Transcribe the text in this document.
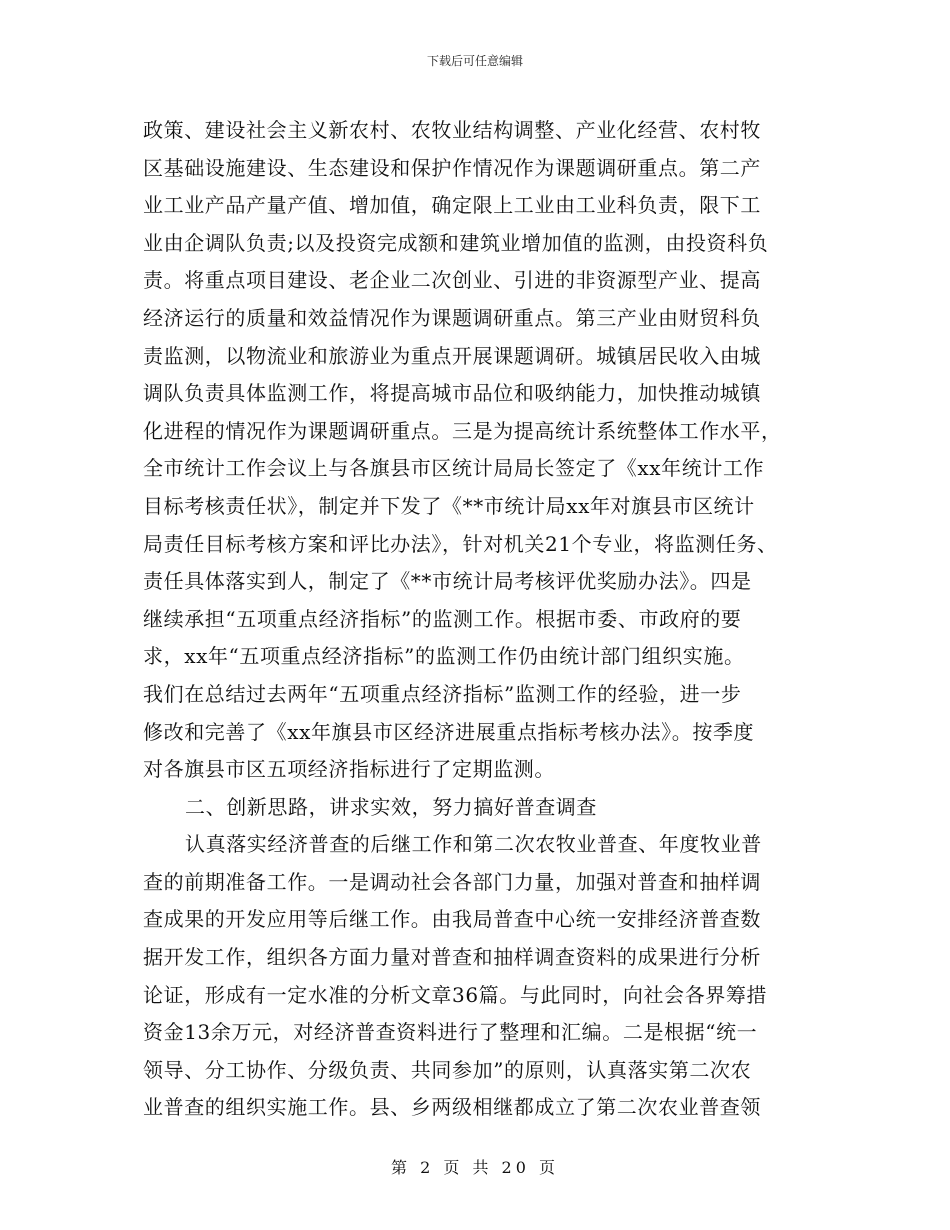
下载后可任意编辑
政策、建设社会主义新农村、农牧业结构调整、产业化经营、农村牧
区基础设施建设、生态建设和保护作情况作为课题调研重点。第二产
业工业产品产量产值、增加值，确定限上工业由工业科负责，限下工
业由企调队负责;以及投资完成额和建筑业增加值的监测，由投资科负
责。将重点项目建设、老企业二次创业、引进的非资源型产业、提高
经济运行的质量和效益情况作为课题调研重点。第三产业由财贸科负
责监测，以物流业和旅游业为重点开展课题调研。城镇居民收入由城
调队负责具体监测工作，将提高城市品位和吸纳能力，加快推动城镇
化进程的情况作为课题调研重点。三是为提高统计系统整体工作水平，
全市统计工作会议上与各旗县市区统计局局长签定了《xx年统计工作
目标考核责任状》，制定并下发了《**市统计局xx年对旗县市区统计
局责任目标考核方案和评比办法》，针对机关21个专业，将监测任务、
责任具体落实到人，制定了《**市统计局考核评优奖励办法》。四是
继续承担“五项重点经济指标”的监测工作。根据市委、市政府的要
求，xx年“五项重点经济指标”的监测工作仍由统计部门组织实施。
我们在总结过去两年“五项重点经济指标”监测工作的经验，进一步
修改和完善了《xx年旗县市区经济进展重点指标考核办法》。按季度
对各旗县市区五项经济指标进行了定期监测。
二、创新思路，讲求实效，努力搞好普查调查
认真落实经济普查的后继工作和第二次农牧业普查、年度牧业普
查的前期准备工作。一是调动社会各部门力量，加强对普查和抽样调
查成果的开发应用等后继工作。由我局普查中心统一安排经济普查数
据开发工作，组织各方面力量对普查和抽样调查资料的成果进行分析
论证，形成有一定水准的分析文章36篇。与此同时，向社会各界筹措
资金13余万元，对经济普查资料进行了整理和汇编。二是根据“统一
领导、分工协作、分级负责、共同参加”的原则，认真落实第二次农
业普查的组织实施工作。县、乡两级相继都成立了第二次农业普查领
第 2 页 共 20 页
